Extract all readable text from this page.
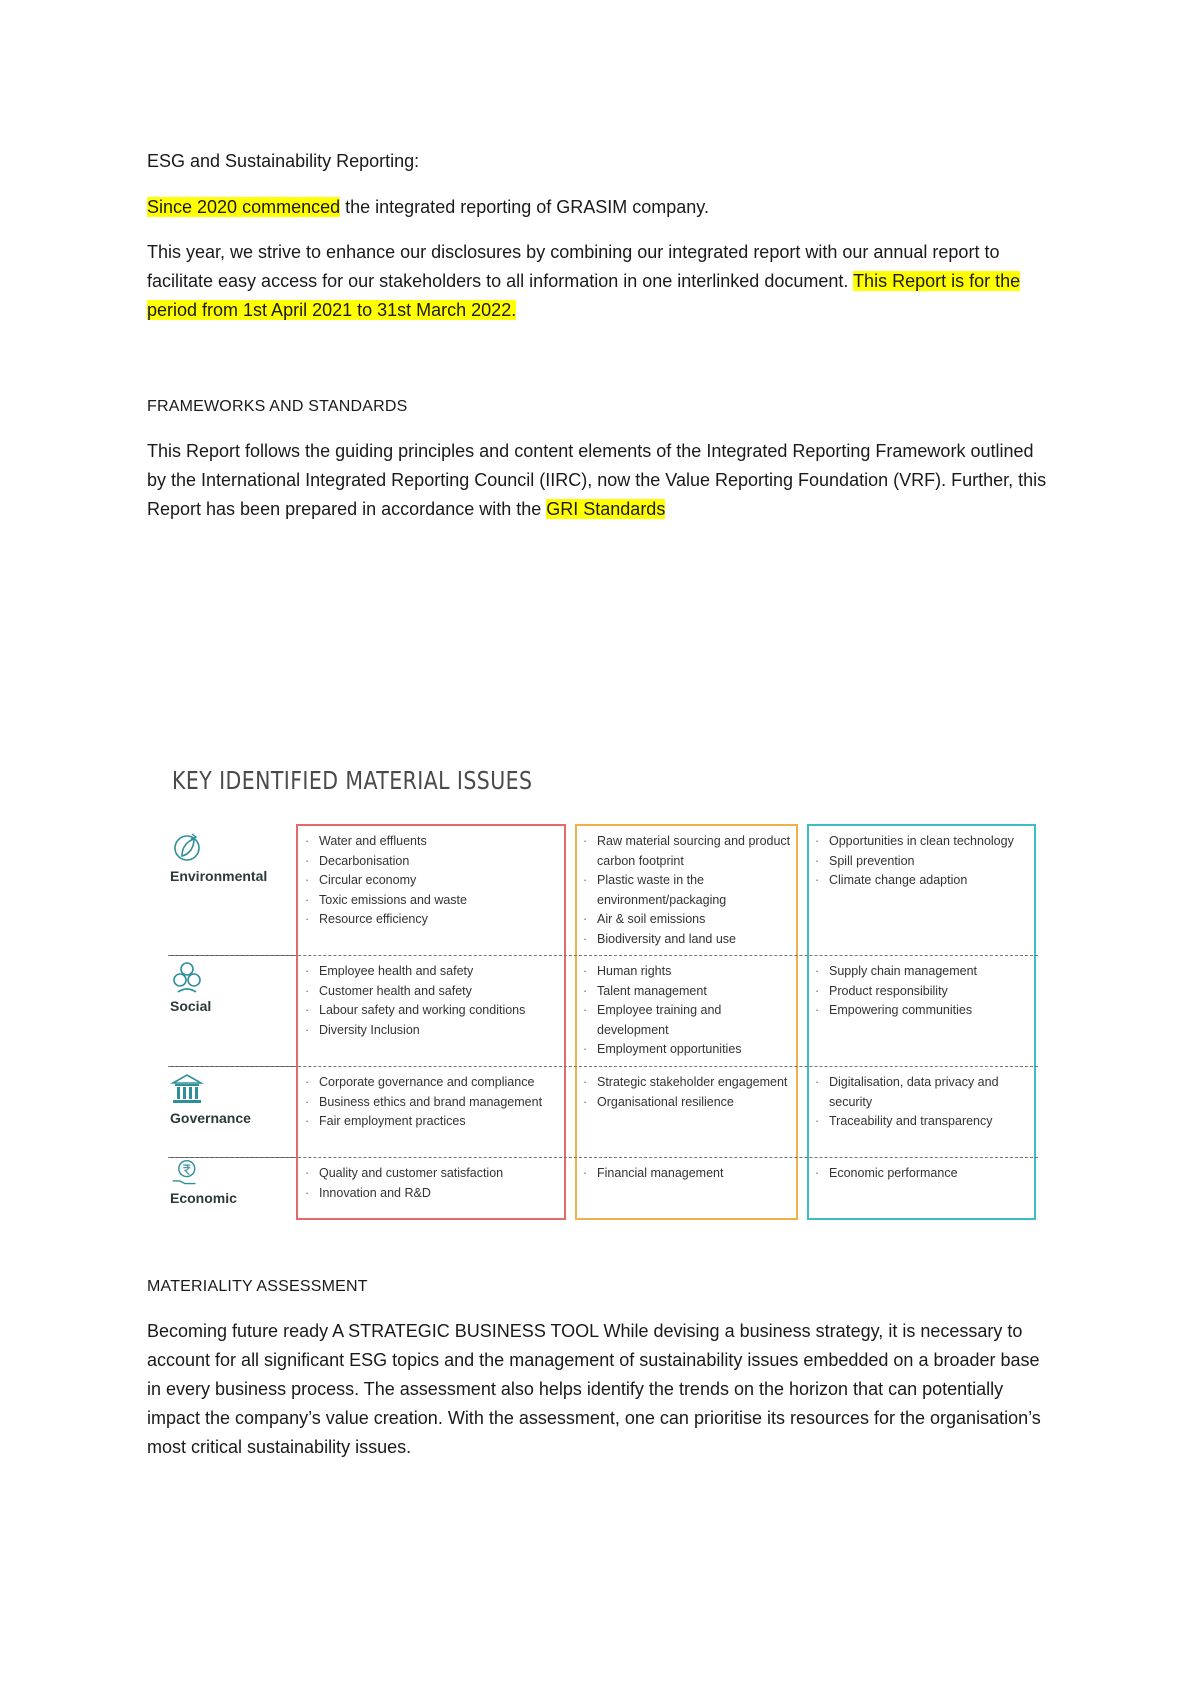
ESG and Sustainability Reporting:

Since 2020 commenced the integrated reporting of GRASIM company.

This year, we strive to enhance our disclosures by combining our integrated report with our annual report to facilitate easy access for our stakeholders to all information in one interlinked document. This Report is for the period from 1st April 2021 to 31st March 2022.

FRAMEWORKS AND STANDARDS

This Report follows the guiding principles and content elements of the Integrated Reporting Framework outlined by the International Integrated Reporting Council (IIRC), now the Value Reporting Foundation (VRF). Further, this Report has been prepared in accordance with the GRI Standards

KEY IDENTIFIED MATERIAL ISSUES
Environmental
Social
Governance
Economic
· Water and effluents
· Decarbonisation
· Circular economy
· Toxic emissions and waste
· Resource efficiency
· Raw material sourcing and product carbon footprint
· Plastic waste in the environment/packaging
· Air & soil emissions
· Biodiversity and land use
· Opportunities in clean technology
· Spill prevention
· Climate change adaption
· Employee health and safety
· Customer health and safety
· Labour safety and working conditions
· Diversity Inclusion
· Human rights
· Talent management
· Employee training and development
· Employment opportunities
· Supply chain management
· Product responsibility
· Empowering communities
· Corporate governance and compliance
· Business ethics and brand management
· Fair employment practices
· Strategic stakeholder engagement
· Organisational resilience
· Digitalisation, data privacy and security
· Traceability and transparency
· Quality and customer satisfaction
· Innovation and R&D
· Financial management
·	Economic performance

MATERIALITY ASSESSMENT

Becoming future ready A STRATEGIC BUSINESS TOOL While devising a business strategy, it is necessary to account for all significant ESG topics and the management of sustainability issues embedded on a broader base in every business process. The assessment also helps identify the trends on the horizon that can potentially impact the company’s value creation. With the assessment, one can prioritise its resources for the organisation’s most critical sustainability issues.
